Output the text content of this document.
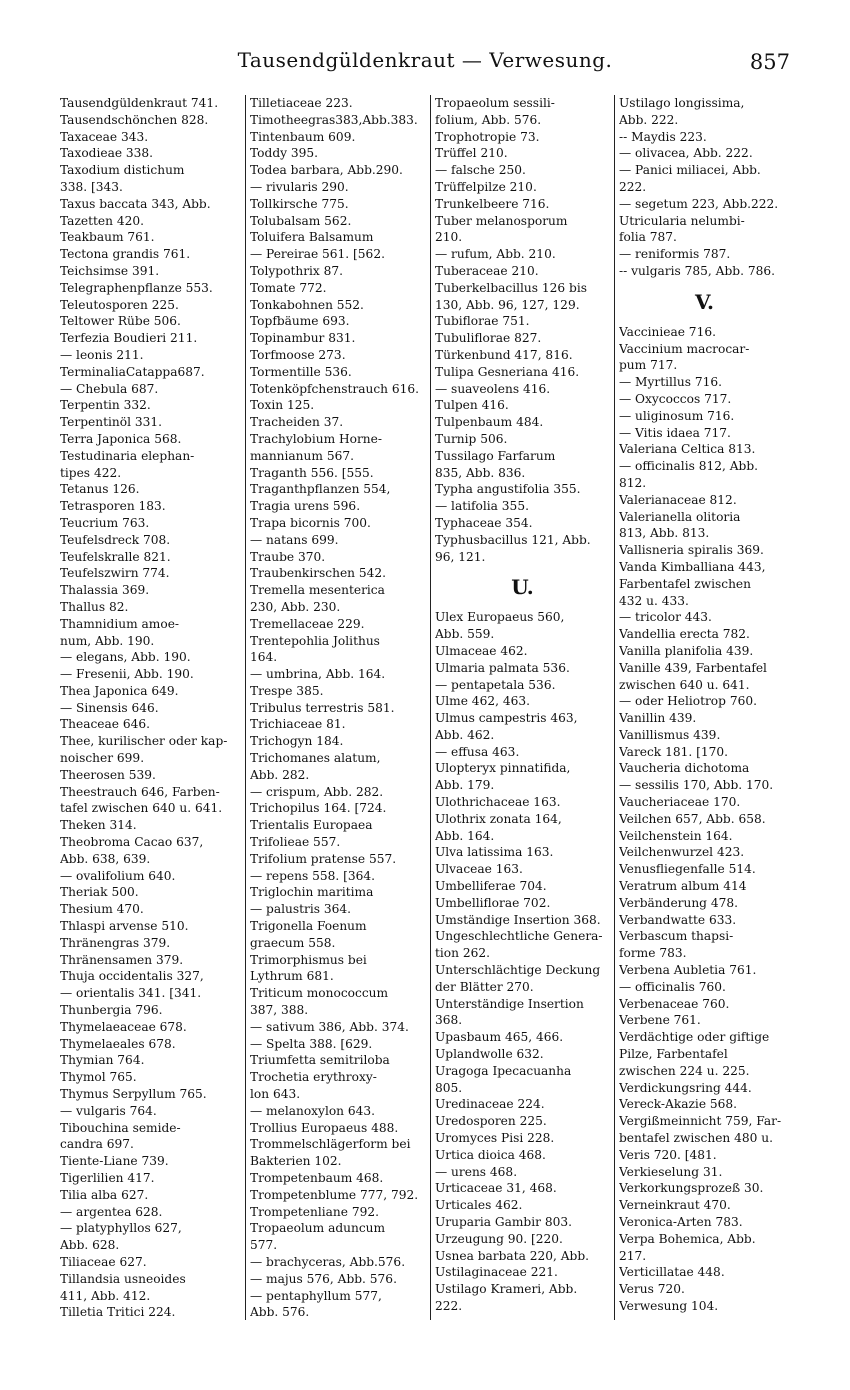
Tausendgüldenkraut — Verwesung.	857
Tausendgüldenkraut 741.
Tausendschönchen 828.
Taxaceae 343.
Taxodieae 338.
Taxodium distichum
338. [343.
Taxus baccata 343, Abb.
Tazetten 420.
Teakbaum 761.
Tectona grandis 761.
Teichsimse 391.
Telegraphenpflanze 553.
Teleutosporen 225.
Teltower Rübe 506.
Terfezia Boudieri 211.
— leonis 211.
TerminaliaCatappa687.
— Chebula 687.
Terpentin 332.
Terpentinöl 331.
Terra Japonica 568.
Testudinaria elephan-
tipes 422.
Tetanus 126.
Tetrasporen 183.
Teucrium 763.
Teufelsdreck 708.
Teufelskralle 821.
Teufelszwirn 774.
Thalassia 369.
Thallus 82.
Thamnidium amoe-
num, Abb. 190.
— elegans, Abb. 190.
— Fresenii, Abb. 190.
Thea Japonica 649.
— Sinensis 646.
Theaceae 646.
Thee, kurilischer oder kap-
noischer 699.
Theerosen 539.
Theestrauch 646, Farben-
tafel zwischen 640 u. 641.
Theken 314.
Theobroma Cacao 637,
Abb. 638, 639.
— ovalifolium 640.
Theriak 500.
Thesium 470.
Thlaspi arvense 510.
Thränengras 379.
Thränensamen 379.
Thuja occidentalis 327,
— orientalis 341. [341.
Thunbergia 796.
Thymelaeaceae 678.
Thymelaeales 678.
Thymian 764.
Thymol 765.
Thymus Serpyllum 765.
— vulgaris 764.
Tibouchina semide-
candra 697.
Tiente-Liane 739.
Tigerlilien 417.
Tilia alba 627.
— argentea 628.
— platyphyllos 627,
Abb. 628.
Tiliaceae 627.
Tillandsia usneoides
411, Abb. 412.
Tilletia Tritici 224.
Tilletiaceae 223.
Timotheegras383,Abb.383.
Tintenbaum 609.
Toddy 395.
Todea barbara, Abb.290.
— rivularis 290.
Tollkirsche 775.
Tolubalsam 562.
Toluifera Balsamum
— Pereirae 561. [562.
Tolypothrix 87.
Tomate 772.
Tonkabohnen 552.
Topfbäume 693.
Topinambur 831.
Torfmoose 273.
Tormentille 536.
Totenköpfchenstrauch 616.
Toxin 125.
Tracheiden 37.
Trachylobium Horne-
mannianum 567.
Traganth 556. [555.
Traganthpflanzen 554,
Tragia urens 596.
Trapa bicornis 700.
— natans 699.
Traube 370.
Traubenkirschen 542.
Tremella mesenterica
230, Abb. 230.
Tremellaceae 229.
Trentepohlia Jolithus
164.
— umbrina, Abb. 164.
Trespe 385.
Tribulus terrestris 581.
Trichiaceae 81.
Trichogyn 184.
Trichomanes alatum,
Abb. 282.
— crispum, Abb. 282.
Trichopilus 164. [724.
Trientalis Europaea
Trifolieae 557.
Trifolium pratense 557.
— repens 558. [364.
Triglochin maritima
— palustris 364.
Trigonella Foenum
graecum 558.
Trimorphismus bei
Lythrum 681.
Triticum monococcum
387, 388.
— sativum 386, Abb. 374.
— Spelta 388. [629.
Triumfetta semitriloba
Trochetia erythroxy-
lon 643.
— melanoxylon 643.
Trollius Europaeus 488.
Trommelschlägerform bei
Bakterien 102.
Trompetenbaum 468.
Trompetenblume 777, 792.
Trompetenliane 792.
Tropaeolum aduncum
577.
— brachyceras, Abb.576.
— majus 576, Abb. 576.
— pentaphyllum 577,
Abb. 576.
Tropaeolum sessili-
folium, Abb. 576.
Trophotropie 73.
Trüffel 210.
— falsche 250.
Trüffelpilze 210.
Trunkelbeere 716.
Tuber melanosporum
210.
— rufum, Abb. 210.
Tuberaceae 210.
Tuberkelbacillus 126 bis
130, Abb. 96, 127, 129.
Tubiflorae 751.
Tubuliflorae 827.
Türkenbund 417, 816.
Tulipa Gesneriana 416.
— suaveolens 416.
Tulpen 416.
Tulpenbaum 484.
Turnip 506.
Tussilago Farfarum
835, Abb. 836.
Typha angustifolia 355.
— latifolia 355.
Typhaceae 354.
Typhusbacillus 121, Abb.
96, 121.
U.
Ulex Europaeus 560,
Abb. 559.
Ulmaceae 462.
Ulmaria palmata 536.
— pentapetala 536.
Ulme 462, 463.
Ulmus campestris 463,
Abb. 462.
— effusa 463.
Ulopteryx pinnatifida,
Abb. 179.
Ulothrichaceae 163.
Ulothrix zonata 164,
Abb. 164.
Ulva latissima 163.
Ulvaceae 163.
Umbelliferae 704.
Umbelliflorae 702.
Umständige Insertion 368.
Ungeschlechtliche Genera-
tion 262.
Unterschlächtige Deckung
der Blätter 270.
Unterständige Insertion
368.
Upasbaum 465, 466.
Uplandwolle 632.
Uragoga Ipecacuanha
805.
Uredinaceae 224.
Uredosporen 225.
Uromyces Pisi 228.
Urtica dioica 468.
— urens 468.
Urticaceae 31, 468.
Urticales 462.
Uruparia Gambir 803.
Urzeugung 90. [220.
Usnea barbata 220, Abb.
Ustilaginaceae 221.
Ustilago Krameri, Abb.
222.
Ustilago longissima,
Abb. 222.
-- Maydis 223.
— olivacea, Abb. 222.
— Panici miliacei, Abb.
222.
— segetum 223, Abb.222.
Utricularia nelumbi-
folia 787.
— reniformis 787.
-- vulgaris 785, Abb. 786.
V.
Vaccinieae 716.
Vaccinium macrocar-
pum 717.
— Myrtillus 716.
— Oxycoccos 717.
— uliginosum 716.
— Vitis idaea 717.
Valeriana Celtica 813.
— officinalis 812, Abb.
812.
Valerianaceae 812.
Valerianella olitoria
813, Abb. 813.
Vallisneria spiralis 369.
Vanda Kimballiana 443,
Farbentafel zwischen
432 u. 433.
— tricolor 443.
Vandellia erecta 782.
Vanilla planifolia 439.
Vanille 439, Farbentafel
zwischen 640 u. 641.
— oder Heliotrop 760.
Vanillin 439.
Vanillismus 439.
Vareck 181. [170.
Vaucheria dichotoma
— sessilis 170, Abb. 170.
Vaucheriaceae 170.
Veilchen 657, Abb. 658.
Veilchenstein 164.
Veilchenwurzel 423.
Venusfliegenfalle 514.
Veratrum album 414
Verbänderung 478.
Verbandwatte 633.
Verbascum thapsi-
forme 783.
Verbena Aubletia 761.
— officinalis 760.
Verbenaceae 760.
Verbene 761.
Verdächtige oder giftige
Pilze, Farbentafel
zwischen 224 u. 225.
Verdickungsring 444.
Vereck-Akazie 568.
Vergißmeinnicht 759, Far-
bentafel zwischen 480 u.
Veris 720. [481.
Verkieselung 31.
Verkorkungsprozeß 30.
Verneinkraut 470.
Veronica-Arten 783.
Verpa Bohemica, Abb.
217.
Verticillatae 448.
Verus 720.
Verwesung 104.
